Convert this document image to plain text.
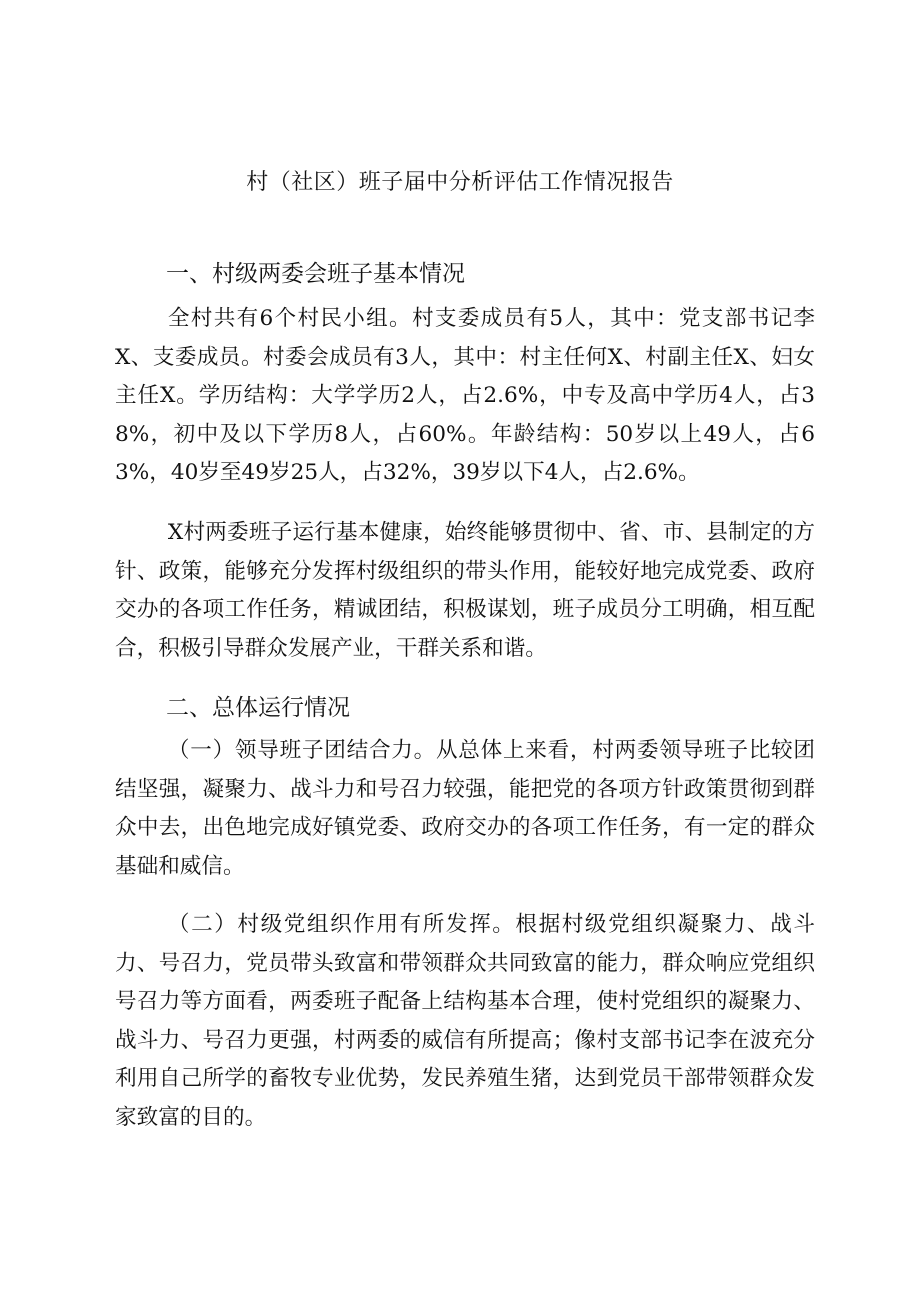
村（社区）班子届中分析评估工作情况报告
一、村级两委会班子基本情况

全村共有6个村民小组。村支委成员有5人，其中：党支部书记李X、支委成员。村委会成员有3人，其中：村主任何X、村副主任X、妇女主任X。学历结构：大学学历2人，占2.6%，中专及高中学历4人，占38%，初中及以下学历8人，占60%。年龄结构：50岁以上49人，占63%，40岁至49岁25人，占32%，39岁以下4人，占2.6%。

X村两委班子运行基本健康，始终能够贯彻中、省、市、县制定的方针、政策，能够充分发挥村级组织的带头作用，能较好地完成党委、政府交办的各项工作任务，精诚团结，积极谋划，班子成员分工明确，相互配合，积极引导群众发展产业，干群关系和谐。

二、总体运行情况

（一）领导班子团结合力。从总体上来看，村两委领导班子比较团结坚强，凝聚力、战斗力和号召力较强，能把党的各项方针政策贯彻到群众中去，出色地完成好镇党委、政府交办的各项工作任务，有一定的群众基础和威信。

（二）村级党组织作用有所发挥。根据村级党组织凝聚力、战斗力、号召力，党员带头致富和带领群众共同致富的能力，群众响应党组织号召力等方面看，两委班子配备上结构基本合理，使村党组织的凝聚力、战斗力、号召力更强，村两委的威信有所提高；像村支部书记李在波充分利用自己所学的畜牧专业优势，发民养殖生猪，达到党员干部带领群众发家致富的目的。
